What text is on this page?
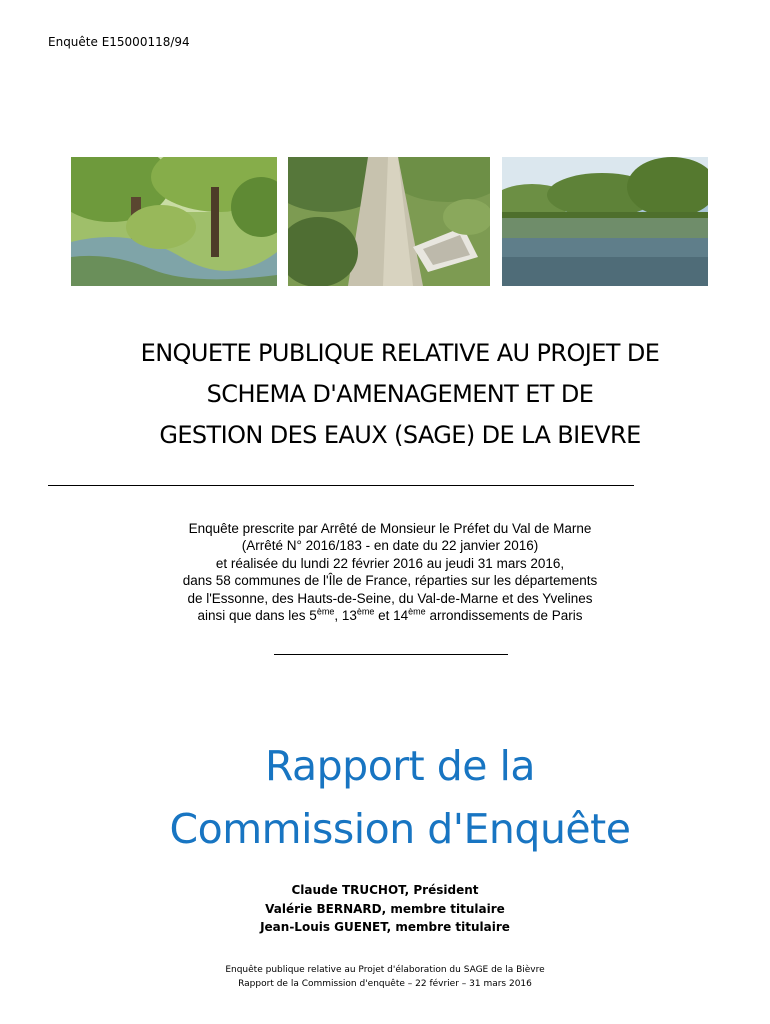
Enquête E15000118/94
ENQUETE PUBLIQUE RELATIVE AU PROJET DE
SCHEMA D'AMENAGEMENT ET DE
GESTION DES EAUX (SAGE) DE LA BIEVRE
Enquête prescrite par Arrêté de Monsieur le Préfet du Val de Marne
(Arrêté N° 2016/183 - en date du 22 janvier 2016)
et réalisée du lundi 22 février 2016 au jeudi 31 mars 2016,
dans 58 communes de l'Île de France, réparties sur les départements
de l'Essonne, des Hauts-de-Seine, du Val-de-Marne et des Yvelines
ainsi que dans les 5ème, 13ème et 14ème arrondissements de Paris
Rapport de la
Commission d'Enquête
Claude TRUCHOT, Président
Valérie BERNARD, membre titulaire
Jean-Louis GUENET, membre titulaire
Enquête publique relative au Projet d'élaboration du SAGE de la Bièvre
Rapport de la Commission d'enquête – 22 février – 31 mars 2016
